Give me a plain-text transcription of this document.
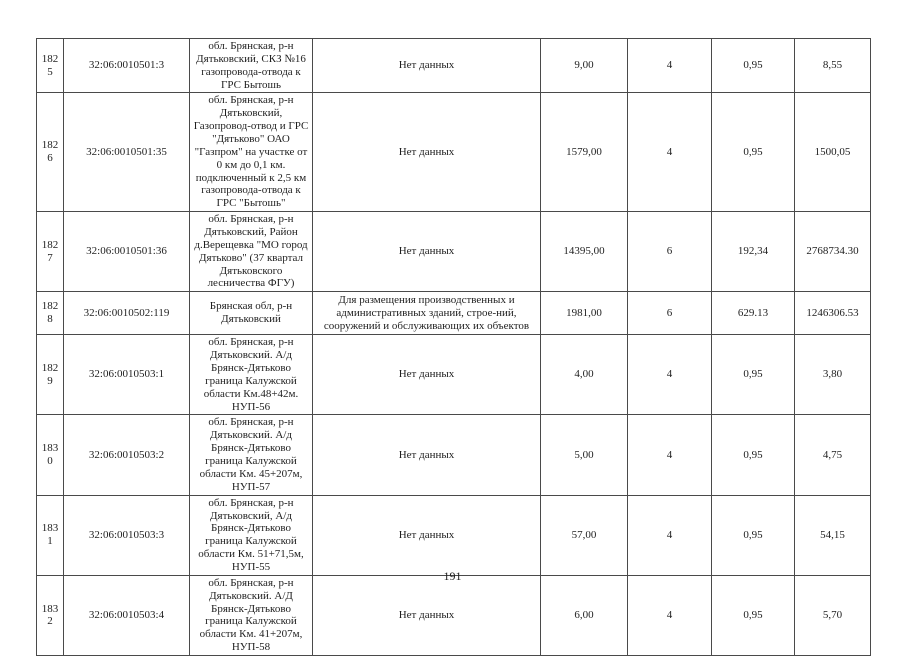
1825	32:06:0010501:3	обл. Брянская, р-н Дятьковский, СКЗ №16 газопровода-отвода к ГРС Бытошь	Нет данных	9,00	4	0,95	8,55
1826	32:06:0010501:35	обл. Брянская, р-н Дятьковский, Газопровод-отвод и ГРС "Дятьково" ОАО "Газпром" на участке от 0 км до 0,1 км. подключенный к 2,5 км газопровода-отвода к ГРС "Бытошь"	Нет данных	1579,00	4	0,95	1500,05
1827	32:06:0010501:36	обл. Брянская, р-н Дятьковский, Район д.Верещевка "МО город Дятьково" (37 квартал Дятьковского лесничества ФГУ)	Нет данных	14395,00	6	192,34	2768734.30
1828	32:06:0010502:119	Брянская обл, р-н Дятьковский	Для размещения производственных и административных зданий, строе-ний, сооружений и обслуживающих их объектов	1981,00	6	629.13	1246306.53
1829	32:06:0010503:1	обл. Брянская, р-н Дятьковский. А/д Брянск-Дятьково граница Калужской области Км.48+42м. НУП-56	Нет данных	4,00	4	0,95	3,80
1830	32:06:0010503:2	обл. Брянская, р-н Дятьковский. А/д Брянск-Дятьково граница Калужской области Км. 45+207м, НУП-57	Нет данных	5,00	4	0,95	4,75
1831	32:06:0010503:3	обл. Брянская, р-н Дятьковский, А/д Брянск-Дятьково граница Калужской области Км. 51+71,5м, НУП-55	Нет данных	57,00	4	0,95	54,15
1832	32:06:0010503:4	обл. Брянская, р-н Дятьковский. А/Д Брянск-Дятьково граница Калужской области Км. 41+207м, НУП-58	Нет данных	6,00	4	0,95	5,70
191
